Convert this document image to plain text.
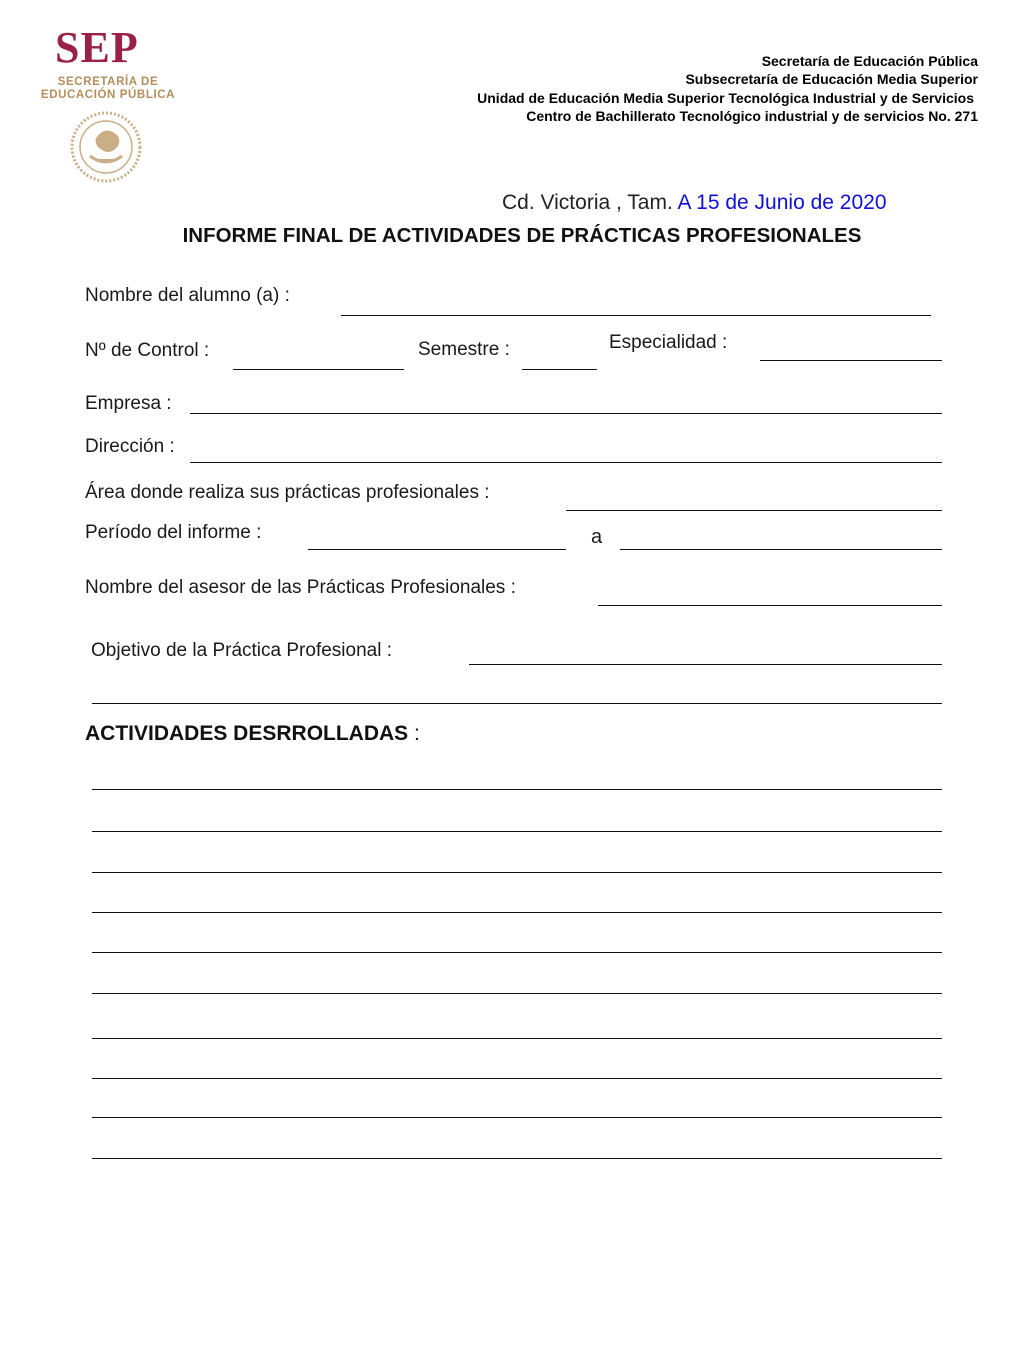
SEP
SECRETARÍA DE
EDUCACIÓN PÚBLICA
Secretaría de Educación Pública
Subsecretaría de Educación Media Superior
Unidad de Educación Media Superior Tecnológica Industrial y de Servicios
Centro de Bachillerato Tecnológico industrial y de servicios No. 271
Cd. Victoria , Tam. A 15 de Junio de 2020
INFORME FINAL DE ACTIVIDADES DE PRÁCTICAS PROFESIONALES
Nombre del alumno (a) :
Nº de Control :	Semestre :	Especialidad :
Empresa :
Dirección :
Área donde realiza sus prácticas profesionales :
Período del informe :	a
Nombre del asesor de las Prácticas Profesionales :
Objetivo de la Práctica Profesional :
ACTIVIDADES DESRROLLADAS :
